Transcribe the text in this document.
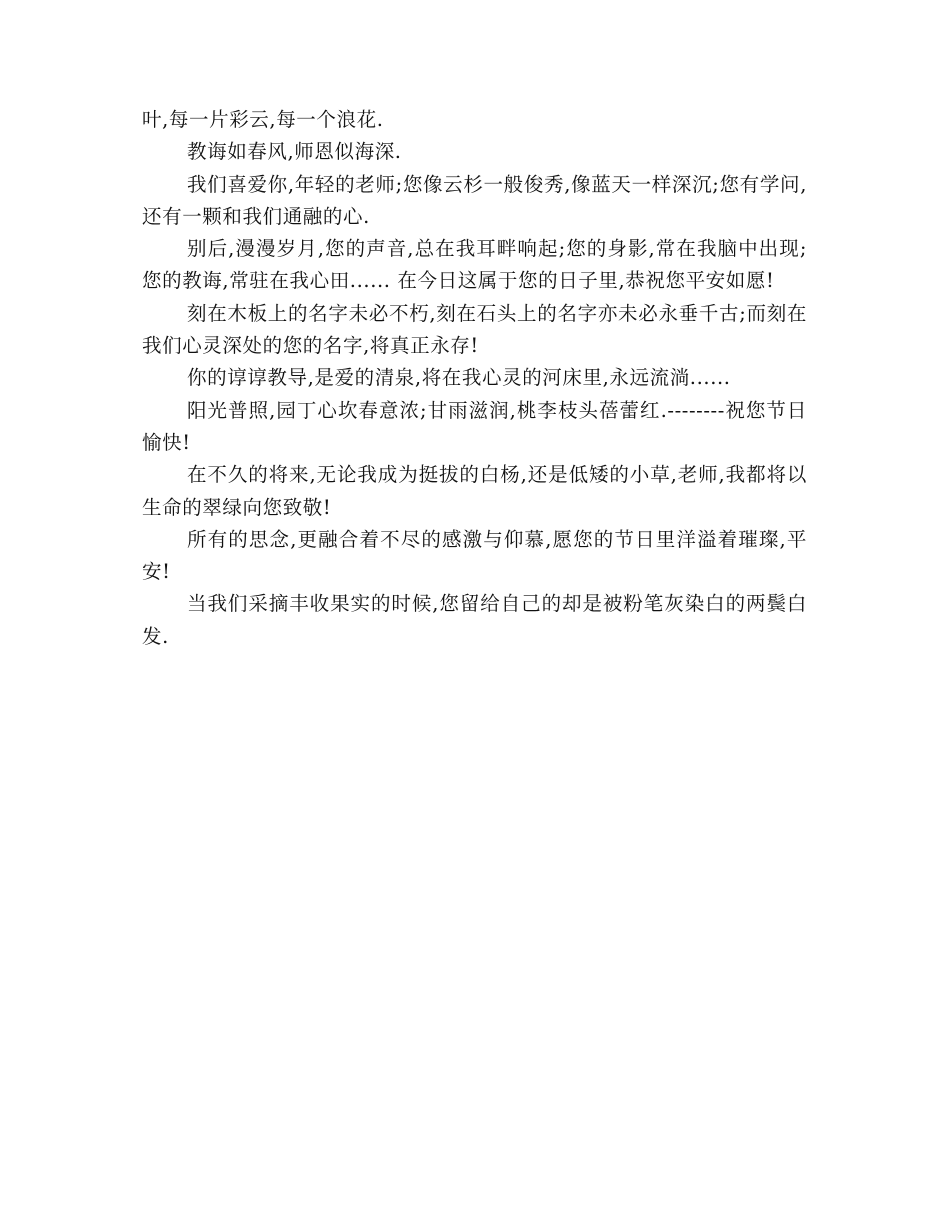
叶,每一片彩云,每一个浪花.

教诲如春风,师恩似海深.

我们喜爱你,年轻的老师;您像云杉一般俊秀,像蓝天一样深沉;您有学问,还有一颗和我们通融的心.

别后,漫漫岁月,您的声音,总在我耳畔响起;您的身影,常在我脑中出现;您的教诲,常驻在我心田...... 在今日这属于您的日子里,恭祝您平安如愿!

刻在木板上的名字未必不朽,刻在石头上的名字亦未必永垂千古;而刻在我们心灵深处的您的名字,将真正永存!

你的谆谆教导,是爱的清泉,将在我心灵的河床里,永远流淌......

阳光普照,园丁心坎春意浓;甘雨滋润,桃李枝头蓓蕾红.--------祝您节日愉快!

在不久的将来,无论我成为挺拔的白杨,还是低矮的小草,老师,我都将以生命的翠绿向您致敬!

所有的思念,更融合着不尽的感激与仰慕,愿您的节日里洋溢着璀璨,平安!

当我们采摘丰收果实的时候,您留给自己的却是被粉笔灰染白的两鬓白发.
